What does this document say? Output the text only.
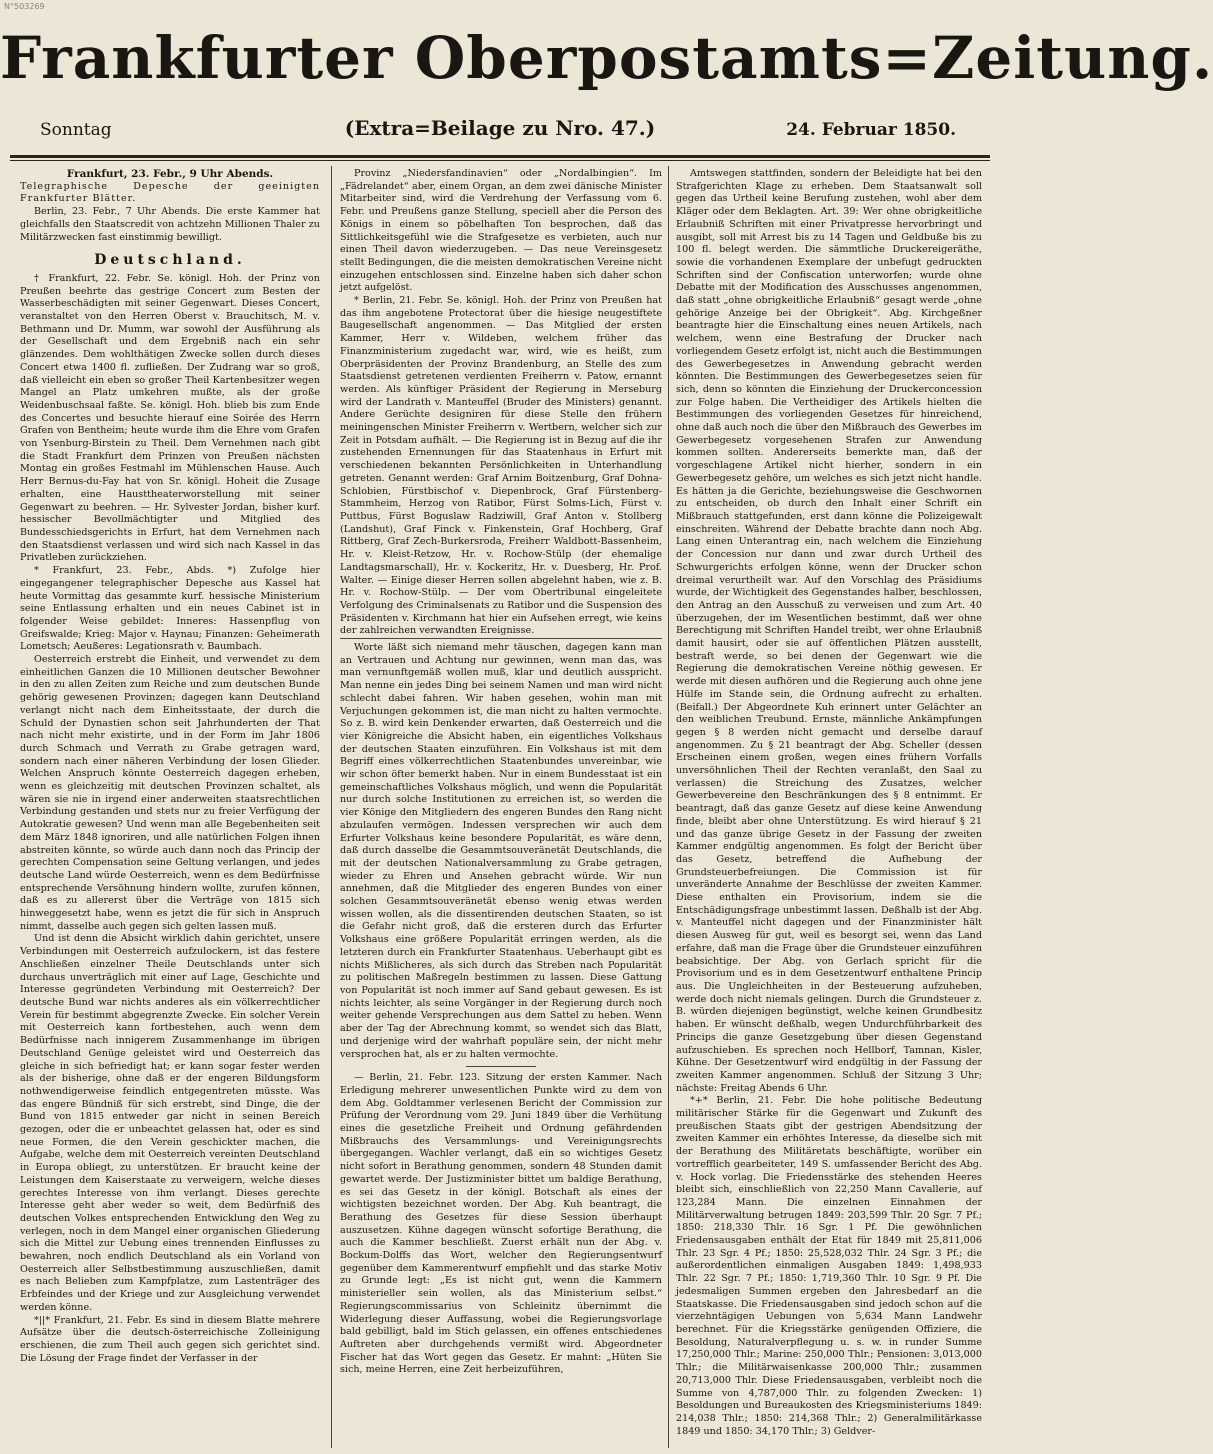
N°503269
Frankfurter Oberpostamts=Zeitung.
Sonntag	(Extra=Beilage zu Nro. 47.)	24. Februar 1850.

Frankfurt, 23. Febr., 9 Uhr Abends.

Telegraphische Depesche der geeinigten Frankfurter Blätter.

Berlin, 23. Febr., 7 Uhr Abends. Die erste Kammer hat gleichfalls den Staatscredit von achtzehn Millionen Thaler zu Militärzwecken fast einstimmig bewilligt.

Deutschland.

† Frankfurt, 22. Febr. Se. königl. Hoh. der Prinz von Preußen beehrte das gestrige Concert zum Besten der Wasserbeschädigten mit seiner Gegenwart. Dieses Concert, veranstaltet von den Herren Oberst v. Brauchitsch, M. v. Bethmann und Dr. Mumm, war sowohl der Ausführung als der Gesellschaft und dem Ergebniß nach ein sehr glänzendes. Dem wohlthätigen Zwecke sollen durch dieses Concert etwa 1400 fl. zufließen. Der Zudrang war so groß, daß vielleicht ein eben so großer Theil Kartenbesitzer wegen Mangel an Platz umkehren mußte, als der große Weidenbuschsaal faßte. Se. königl. Hoh. blieb bis zum Ende des Concertes und besuchte hierauf eine Soirée des Herrn Grafen von Bentheim; heute wurde ihm die Ehre vom Grafen von Ysenburg-Birstein zu Theil. Dem Vernehmen nach gibt die Stadt Frankfurt dem Prinzen von Preußen nächsten Montag ein großes Festmahl im Mühlenschen Hause. Auch Herr Bernus-du-Fay hat von Sr. königl. Hoheit die Zusage erhalten, eine Hausttheaterworstellung mit seiner Gegenwart zu beehren. — Hr. Sylvester Jordan, bisher kurf. hessischer Bevollmächtigter und Mitglied des Bundesschiedsgerichts in Erfurt, hat dem Vernehmen nach den Staatsdienst verlassen und wird sich nach Kassel in das Privatleben zurückziehen.

* Frankfurt, 23. Febr., Abds. *) Zufolge hier eingegangener telegraphischer Depesche aus Kassel hat heute Vormittag das gesammte kurf. hessische Ministerium seine Entlassung erhalten und ein neues Cabinet ist in folgender Weise gebildet: Inneres: Hassenpflug von Greifswalde; Krieg: Major v. Haynau; Finanzen: Geheimerath Lometsch; Aeußeres: Legationsrath v. Baumbach.

Oesterreich erstrebt die Einheit, und verwendet zu dem einheitlichen Ganzen die 10 Millionen deutscher Bewohner in den zu allen Zeiten zum Reiche und zum deutschen Bunde gehörig gewesenen Provinzen; dagegen kann Deutschland verlangt nicht nach dem Einheitsstaate, der durch die Schuld der Dynastien schon seit Jahrhunderten der That nach nicht mehr existirte, und in der Form im Jahr 1806 durch Schmach und Verrath zu Grabe getragen ward, sondern nach einer näheren Verbindung der losen Glieder. Welchen Anspruch könnte Oesterreich dagegen erheben, wenn es gleichzeitig mit deutschen Provinzen schaltet, als wären sie nie in irgend einer anderweiten staatsrechtlichen Verbindung gestanden und stets nur zu freier Verfügung der Autokratie gewesen? Und wenn man alle Begebenheiten seit dem März 1848 ignoriren, und alle natürlichen Folgen ihnen abstreiten könnte, so würde auch dann noch das Princip der gerechten Compensation seine Geltung verlangen, und jedes deutsche Land würde Oesterreich, wenn es dem Bedürfnisse entsprechende Versöhnung hindern wollte, zurufen können, daß es zu allererst über die Verträge von 1815 sich hinweggesetzt habe, wenn es jetzt die für sich in Anspruch nimmt, dasselbe auch gegen sich gelten lassen muß.

Und ist denn die Absicht wirklich dahin gerichtet, unsere Verbindungen mit Oesterreich aufzulockern, ist das festere Anschließen einzelner Theile Deutschlands unter sich durchaus unverträglich mit einer auf Lage, Geschichte und Interesse gegründeten Verbindung mit Oesterreich? Der deutsche Bund war nichts anderes als ein völkerrechtlicher Verein für bestimmt abgegrenzte Zwecke. Ein solcher Verein mit Oesterreich kann fortbestehen, auch wenn dem Bedürfnisse nach innigerem Zusammenhange im übrigen Deutschland Genüge geleistet wird und Oesterreich das gleiche in sich befriedigt hat; er kann sogar fester werden als der bisherige, ohne daß er der engeren Bildungsform nothwendigerweise feindlich entgegentreten müsste. Was das engere Bündniß für sich erstrebt, sind Dinge, die der Bund von 1815 entweder gar nicht in seinen Bereich gezogen, oder die er unbeachtet gelassen hat, oder es sind neue Formen, die den Verein geschickter machen, die Aufgabe, welche dem mit Oesterreich vereinten Deutschland in Europa obliegt, zu unterstützen. Er braucht keine der Leistungen dem Kaiserstaate zu verweigern, welche dieses gerechtes Interesse von ihm verlangt. Dieses gerechte Interesse geht aber weder so weit, dem Bedürfniß des deutschen Volkes entsprechenden Entwicklung den Weg zu verlegen, noch in dem Mangel einer organischen Gliederung sich die Mittel zur Uebung eines trennenden Einflusses zu bewahren, noch endlich Deutschland als ein Vorland von Oesterreich aller Selbstbestimmung auszuschließen, damit es nach Belieben zum Kampfplatze, zum Lastenträger des Erbfeindes und der Kriege und zur Ausgleichung verwendet werden könne.

*||* Frankfurt, 21. Febr. Es sind in diesem Blatte mehrere Aufsätze über die deutsch-österreichische Zolleinigung erschienen, die zum Theil auch gegen sich gerichtet sind. Die Lösung der Frage findet der Verfasser in der

Provinz „Niedersfandinavien“ oder „Nordalbingien“. Im „Fädrelandet“ aber, einem Organ, an dem zwei dänische Minister Mitarbeiter sind, wird die Verdrehung der Verfassung vom 6. Febr. und Preußens ganze Stellung, speciell aber die Person des Königs in einem so pöbelhaften Ton besprochen, daß das Sittlichkeitsgefühl wie die Strafgesetze es verbieten, auch nur einen Theil davon wiederzugeben. — Das neue Vereinsgesetz stellt Bedingungen, die die meisten demokratischen Vereine nicht einzugehen entschlossen sind. Einzelne haben sich daher schon jetzt aufgelöst.

* Berlin, 21. Febr. Se. königl. Hoh. der Prinz von Preußen hat das ihm angebotene Protectorat über die hiesige neugestiftete Baugesellschaft angenommen. — Das Mitglied der ersten Kammer, Herr v. Wildeben, welchem früher das Finanzministerium zugedacht war, wird, wie es heißt, zum Oberpräsidenten der Provinz Brandenburg, an Stelle des zum Staatsdienst getretenen verdienten Freiherrn v. Patow, ernannt werden. Als künftiger Präsident der Regierung in Merseburg wird der Landrath v. Manteuffel (Bruder des Ministers) genannt. Andere Gerüchte designiren für diese Stelle den frühern meiningenschen Minister Freiherrn v. Wertbern, welcher sich zur Zeit in Potsdam aufhält. — Die Regierung ist in Bezug auf die ihr zustehenden Ernennungen für das Staatenhaus in Erfurt mit verschiedenen bekannten Persönlichkeiten in Unterhandlung getreten. Genannt werden: Graf Arnim Boitzenburg, Graf Dohna-Schlobien, Fürstbischof v. Diepenbrock, Graf Fürstenberg-Stammheim, Herzog von Ratibor, Fürst Solms-Lich, Fürst v. Puttbus, Fürst Boguslaw Radziwill, Graf Anton v. Stollberg (Landshut), Graf Finck v. Finkenstein, Graf Hochberg, Graf Rittberg, Graf Zech-Burkersroda, Freiherr Waldbott-Bassenheim, Hr. v. Kleist-Retzow, Hr. v. Rochow-Stülp (der ehemalige Landtagsmarschall), Hr. v. Kockeritz, Hr. v. Duesberg, Hr. Prof. Walter. — Einige dieser Herren sollen abgelehnt haben, wie z. B. Hr. v. Rochow-Stülp. — Der vom Obertribunal eingeleitete Verfolgung des Criminalsenats zu Ratibor und die Suspension des Präsidenten v. Kirchmann hat hier ein Aufsehen erregt, wie keins der zahlreichen verwandten Ereignisse.

Worte läßt sich niemand mehr täuschen, dagegen kann man an Vertrauen und Achtung nur gewinnen, wenn man das, was man vernunftgemäß wollen muß, klar und deutlich ausspricht. Man nenne ein jedes Ding bei seinem Namen und man wird nicht schlecht dabei fahren. Wir haben gesehen, wohin man mit Verjuchungen gekommen ist, die man nicht zu halten vermochte. So z. B. wird kein Denkender erwarten, daß Oesterreich und die vier Königreiche die Absicht haben, ein eigentliches Volkshaus der deutschen Staaten einzuführen. Ein Volkshaus ist mit dem Begriff eines völkerrechtlichen Staatenbundes unvereinbar, wie wir schon öfter bemerkt haben. Nur in einem Bundesstaat ist ein gemeinschaftliches Volkshaus möglich, und wenn die Popularität nur durch solche Institutionen zu erreichen ist, so werden die vier Könige den Mitgliedern des engeren Bundes den Rang nicht abzulaufen vermögen. Indessen versprechen wir auch dem Erfurter Volkshaus keine besondere Popularität, es wäre denn, daß durch dasselbe die Gesammtsouveränetät Deutschlands, die mit der deutschen Nationalversammlung zu Grabe getragen, wieder zu Ehren und Ansehen gebracht würde. Wir nun annehmen, daß die Mitglieder des engeren Bundes von einer solchen Gesammtsouveränetät ebenso wenig etwas werden wissen wollen, als die dissentirenden deutschen Staaten, so ist die Gefahr nicht groß, daß die ersteren durch das Erfurter Volkshaus eine größere Popularität erringen werden, als die letzteren durch ein Frankfurter Staatenhaus. Ueberhaupt gibt es nichts Mißlicheres, als sich durch das Streben nach Popularität zu politischen Maßregeln bestimmen zu lassen. Diese Gattung von Popularität ist noch immer auf Sand gebaut gewesen. Es ist nichts leichter, als seine Vorgänger in der Regierung durch noch weiter gehende Versprechungen aus dem Sattel zu heben. Wenn aber der Tag der Abrechnung kommt, so wendet sich das Blatt, und derjenige wird der wahrhaft populäre sein, der nicht mehr versprochen hat, als er zu halten vermochte.

— Berlin, 21. Febr. 123. Sitzung der ersten Kammer. Nach Erledigung mehrerer unwesentlichen Punkte wird zu dem von dem Abg. Goldtammer verlesenen Bericht der Commission zur Prüfung der Verordnung vom 29. Juni 1849 über die Verhütung eines die gesetzliche Freiheit und Ordnung gefährdenden Mißbrauchs des Versammlungs- und Vereinigungsrechts übergegangen. Wachler verlangt, daß ein so wichtiges Gesetz nicht sofort in Berathung genommen, sondern 48 Stunden damit gewartet werde. Der Justizminister bittet um baldige Berathung, es sei das Gesetz in der königl. Botschaft als eines der wichtigsten bezeichnet worden. Der Abg. Kuh beantragt, die Berathung des Gesetzes für diese Session überhaupt auszusetzen. Kühne dagegen wünscht sofortige Berathung, die auch die Kammer beschließt. Zuerst erhält nun der Abg. v. Bockum-Dolffs das Wort, welcher den Regierungsentwurf gegenüber dem Kammerentwurf empfiehlt und das starke Motiv zu Grunde legt: „Es ist nicht gut, wenn die Kammern ministerieller sein wollen, als das Ministerium selbst.“ Regierungscommissarius von Schleinitz übernimmt die Widerlegung dieser Auffassung, wobei die Regierungsvorlage bald gebilligt, bald im Stich gelassen, ein offenes entschiedenes Auftreten aber durchgehends vermißt wird. Abgeordneter Fischer hat das Wort gegen das Gesetz. Er mahnt: „Hüten Sie sich, meine Herren, eine Zeit herbeizuführen,

Amtswegen stattfinden, sondern der Beleidigte hat bei den Strafgerichten Klage zu erheben. Dem Staatsanwalt soll gegen das Urtheil keine Berufung zustehen, wohl aber dem Kläger oder dem Beklagten. Art. 39: Wer ohne obrigkeitliche Erlaubniß Schriften mit einer Privatpresse hervorbringt und ausgibt, soll mit Arrest bis zu 14 Tagen und Geldbuße bis zu 100 fl. belegt werden. Die sämmtliche Druckereigeräthe, sowie die vorhandenen Exemplare der unbefugt gedruckten Schriften sind der Confiscation unterworfen; wurde ohne Debatte mit der Modification des Ausschusses angenommen, daß statt „ohne obrigkeitliche Erlaubniß“ gesagt werde „ohne gehörige Anzeige bei der Obrigkeit“. Abg. Kirchgeßner beantragte hier die Einschaltung eines neuen Artikels, nach welchem, wenn eine Bestrafung der Drucker nach vorliegendem Gesetz erfolgt ist, nicht auch die Bestimmungen des Gewerbegesetzes in Anwendung gebracht werden könnten. Die Bestimmungen des Gewerbegesetzes seien für sich, denn so könnten die Einziehung der Druckerconcession zur Folge haben. Die Vertheidiger des Artikels hielten die Bestimmungen des vorliegenden Gesetzes für hinreichend, ohne daß auch noch die über den Mißbrauch des Gewerbes im Gewerbegesetz vorgesehenen Strafen zur Anwendung kommen sollten. Andererseits bemerkte man, daß der vorgeschlagene Artikel nicht hierher, sondern in ein Gewerbegesetz gehöre, um welches es sich jetzt nicht handle. Es hätten ja die Gerichte, beziehungsweise die Geschwornen zu entscheiden, ob durch den Inhalt einer Schrift ein Mißbrauch stattgefunden, erst dann könne die Polizeigewalt einschreiten. Während der Debatte brachte dann noch Abg. Lang einen Unterantrag ein, nach welchem die Einziehung der Concession nur dann und zwar durch Urtheil des Schwurgerichts erfolgen könne, wenn der Drucker schon dreimal verurtheilt war. Auf den Vorschlag des Präsidiums wurde, der Wichtigkeit des Gegenstandes halber, beschlossen, den Antrag an den Ausschuß zu verweisen und zum Art. 40 überzugehen, der im Wesentlichen bestimmt, daß wer ohne Berechtigung mit Schriften Handel treibt, wer ohne Erlaubniß damit hausirt, oder sie auf öffentlichen Plätzen ausstellt, bestraft werde, so bei denen der Gegenwart wie die Regierung die demokratischen Vereine nöthig gewesen. Er werde mit diesen aufhören und die Regierung auch ohne jene Hülfe im Stande sein, die Ordnung aufrecht zu erhalten. (Beifall.) Der Abgeordnete Kuh erinnert unter Gelächter an den weiblichen Treubund. Ernste, männliche Ankämpfungen gegen § 8 werden nicht gemacht und derselbe darauf angenommen. Zu § 21 beantragt der Abg. Scheller (dessen Erscheinen einem großen, wegen eines frühern Vorfalls unversöhnlichen Theil der Rechten veranlaßt, den Saal zu verlassen) die Streichung des Zusatzes, welcher Gewerbevereine den Beschränkungen des § 8 entnimmt. Er beantragt, daß das ganze Gesetz auf diese keine Anwendung finde, bleibt aber ohne Unterstützung. Es wird hierauf § 21 und das ganze übrige Gesetz in der Fassung der zweiten Kammer endgültig angenommen. Es folgt der Bericht über das Gesetz, betreffend die Aufhebung der Grundsteuerbefreiungen. Die Commission ist für unveränderte Annahme der Beschlüsse der zweiten Kammer. Diese enthalten ein Provisorium, indem sie die Entschädigungsfrage unbestimmt lassen. Deßhalb ist der Abg. v. Manteuffel nicht dagegen und der Finanzminister hält diesen Ausweg für gut, weil es besorgt sei, wenn das Land erfahre, daß man die Frage über die Grundsteuer einzuführen beabsichtige. Der Abg. von Gerlach spricht für die Provisorium und es in dem Gesetzentwurf enthaltene Princip aus. Die Ungleichheiten in der Besteuerung aufzuheben, werde doch nicht niemals gelingen. Durch die Grundsteuer z. B. würden diejenigen begünstigt, welche keinen Grundbesitz haben. Er wünscht deßhalb, wegen Undurchführbarkeit des Princips die ganze Gesetzgebung über diesen Gegenstand aufzuschieben. Es sprechen noch Hellborf, Tamnan, Kisler, Kühne. Der Gesetzentwurf wird endgültig in der Fassung der zweiten Kammer angenommen. Schluß der Sitzung 3 Uhr; nächste: Freitag Abends 6 Uhr.

*+* Berlin, 21. Febr. Die hohe politische Bedeutung militärischer Stärke für die Gegenwart und Zukunft des preußischen Staats gibt der gestrigen Abendsitzung der zweiten Kammer ein erhöhtes Interesse, da dieselbe sich mit der Berathung des Militäretats beschäftigte, worüber ein vortrefflich gearbeiteter, 149 S. umfassender Bericht des Abg. v. Hock vorlag. Die Friedensstärke des stehenden Heeres bleibt sich, einschließlich von 22,250 Mann Cavallerie, auf 123,284 Mann. Die einzelnen Einnahmen der Militärverwaltung betrugen 1849: 203,599 Thlr. 20 Sgr. 7 Pf.; 1850: 218,330 Thlr. 16 Sgr. 1 Pf. Die gewöhnlichen Friedensausgaben enthält der Etat für 1849 mit 25,811,006 Thlr. 23 Sgr. 4 Pf.; 1850: 25,528,032 Thlr. 24 Sgr. 3 Pf.; die außerordentlichen einmaligen Ausgaben 1849: 1,498,933 Thlr. 22 Sgr. 7 Pf.; 1850: 1,719,360 Thlr. 10 Sgr. 9 Pf. Die jedesmaligen Summen ergeben den Jahresbedarf an die Staatskasse. Die Friedensausgaben sind jedoch schon auf die vierzehntägigen Uebungen von 5,634 Mann Landwehr berechnet. Für die Kriegsstärke genügenden Offiziere, die Besoldung, Naturalverpflegung u. s. w. in runder Summe 17,250,000 Thlr.; Marine: 250,000 Thlr.; Pensionen: 3,013,000 Thlr.; die Militärwaisenkasse 200,000 Thlr.; zusammen 20,713,000 Thlr. Diese Friedensausgaben, verbleibt noch die Summe von 4,787,000 Thlr. zu folgenden Zwecken: 1) Besoldungen und Bureaukosten des Kriegsministeriums 1849: 214,038 Thlr.; 1850: 214,368 Thlr.; 2) Generalmilitärkasse 1849 und 1850: 34,170 Thlr.; 3) Geldver-
